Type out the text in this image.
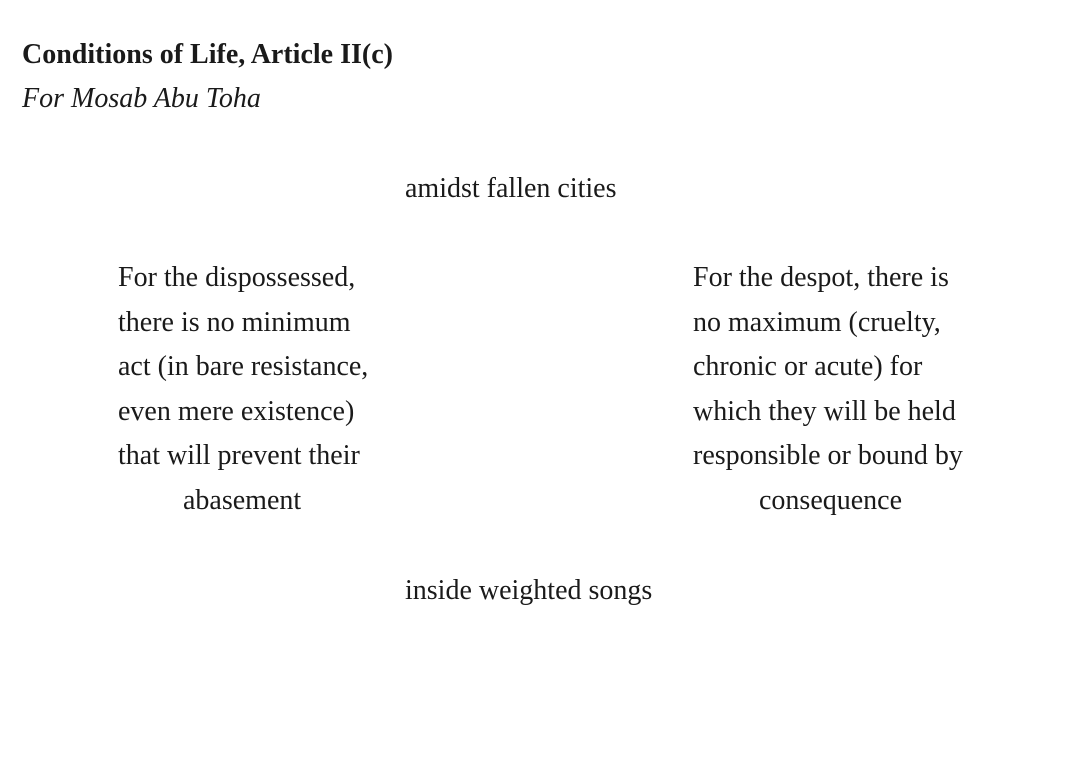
Conditions of Life, Article II(c)

For Mosab Abu Toha

amidst fallen cities

For the dispossessed,
there is no minimum
act (in bare resistance,
even mere existence)
that will prevent their
abasement
For the despot, there is
no maximum (cruelty,
chronic or acute) for
which they will be held
responsible or bound by
consequence

inside weighted songs
